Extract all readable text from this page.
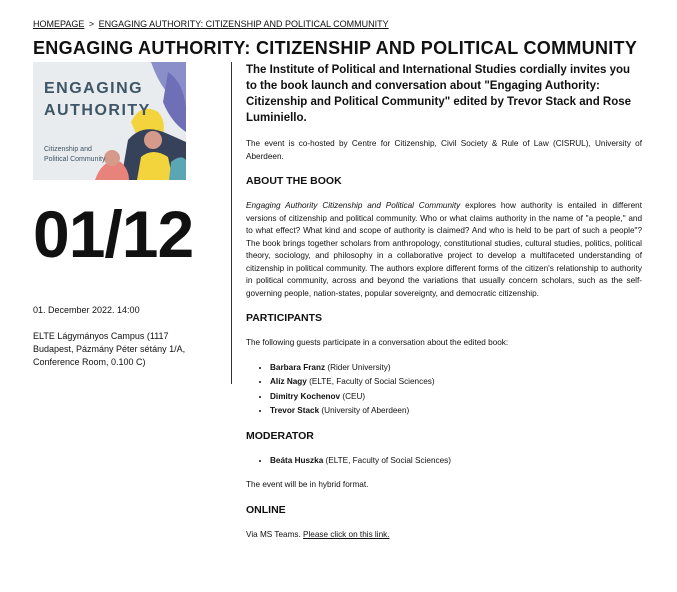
HOMEPAGE > ENGAGING AUTHORITY: CITIZENSHIP AND POLITICAL COMMUNITY
ENGAGING AUTHORITY: CITIZENSHIP AND POLITICAL COMMUNITY
ENGAGING
AUTHORITY
Citizenship and
Political Community
01/12
01. December 2022. 14:00
ELTE Lágymányos Campus (1117
Budapest, Pázmány Péter sétány 1/A,
Conference Room, 0.100 C)
The Institute of Political and International Studies cordially invites you to the book launch and conversation about "Engaging Authority: Citizenship and Political Community" edited by Trevor Stack and Rose Luminiello.

The event is co-hosted by Centre for Citizenship, Civil Society & Rule of Law (CISRUL), University of Aberdeen.

ABOUT THE BOOK

Engaging Authority Citizenship and Political Community explores how authority is entailed in different versions of citizenship and political community. Who or what claims authority in the name of "a people," and to what effect? What kind and scope of authority is claimed? And who is held to be part of such a people"? The book brings together scholars from anthropology, constitutional studies, cultural studies, politics, political theory, sociology, and philosophy in a collaborative project to develop a multifaceted understanding of citizenship in political community. The authors explore different forms of the citizen's relationship to authority in political community, across and beyond the variations that usually concern scholars, such as the self-governing people, nation-states, popular sovereignty, and democratic citizenship.

PARTICIPANTS

The following guests participate in a conversation about the edited book:

• Barbara Franz (Rider University)
• Alíz Nagy (ELTE, Faculty of Social Sciences)
• Dimitry Kochenov (CEU)
• Trevor Stack (University of Aberdeen)
MODERATOR
• Beáta Huszka (ELTE, Faculty of Social Sciences)

The event will be in hybrid format.

ONLINE

Via MS Teams. Please click on this link.
